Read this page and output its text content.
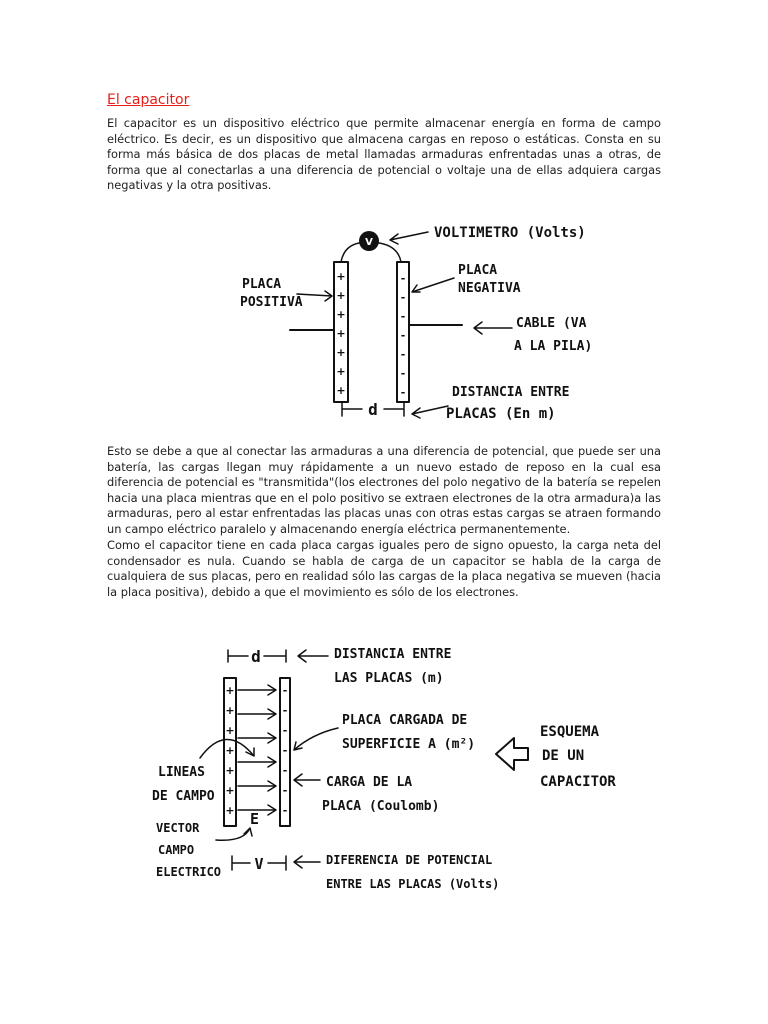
El capacitor

El capacitor es un dispositivo eléctrico que permite almacenar energía en forma de campo eléctrico. Es decir, es un dispositivo que almacena cargas en reposo o estáticas. Consta en su forma más básica de dos placas de metal llamadas armaduras enfrentadas unas a otras, de forma que al conectarlas a una diferencia de potencial o voltaje una de ellas adquiera cargas negativas y la otra positivas.

V
+
+
+
+
+
+
+
-
-
-
-
-
-
-
VOLTIMETRO (Volts)
PLACA
POSITIVA
PLACA
NEGATIVA
CABLE (VA
A LA PILA)
d
DISTANCIA ENTRE
PLACAS (En m)

Esto se debe a que al conectar las armaduras a una diferencia de potencial, que puede ser una batería, las cargas llegan muy rápidamente a un nuevo estado de reposo en la cual esa diferencia de potencial es "transmitida"(los electrones del polo negativo de la batería se repelen hacia una placa mientras que en el polo positivo se extraen electrones de la otra armadura)a las armaduras, pero al estar enfrentadas las placas unas con otras estas cargas se atraen formando un campo eléctrico paralelo y almacenando energía eléctrica permanentemente.

Como el capacitor tiene en cada placa cargas iguales pero de signo opuesto, la carga neta del condensador es nula. Cuando se habla de carga de un capacitor se habla de la carga de cualquiera de sus placas, pero en realidad sólo las cargas de la placa negativa se mueven (hacia la placa positiva), debido a que el movimiento es sólo de los electrones.

d	DISTANCIA ENTRE
LAS PLACAS (m)
+
+
+
+
+
+
+
-
-
-
-
-
-
-
PLACA CARGADA DE
SUPERFICIE A (m²)
ESQUEMA
DE UN
CAPACITOR
LINEAS
DE CAMPO
CARGA DE LA
PLACA (Coulomb)
E
VECTOR
CAMPO
ELECTRICO V	DIFERENCIA DE POTENCIAL
ENTRE LAS PLACAS (Volts)
